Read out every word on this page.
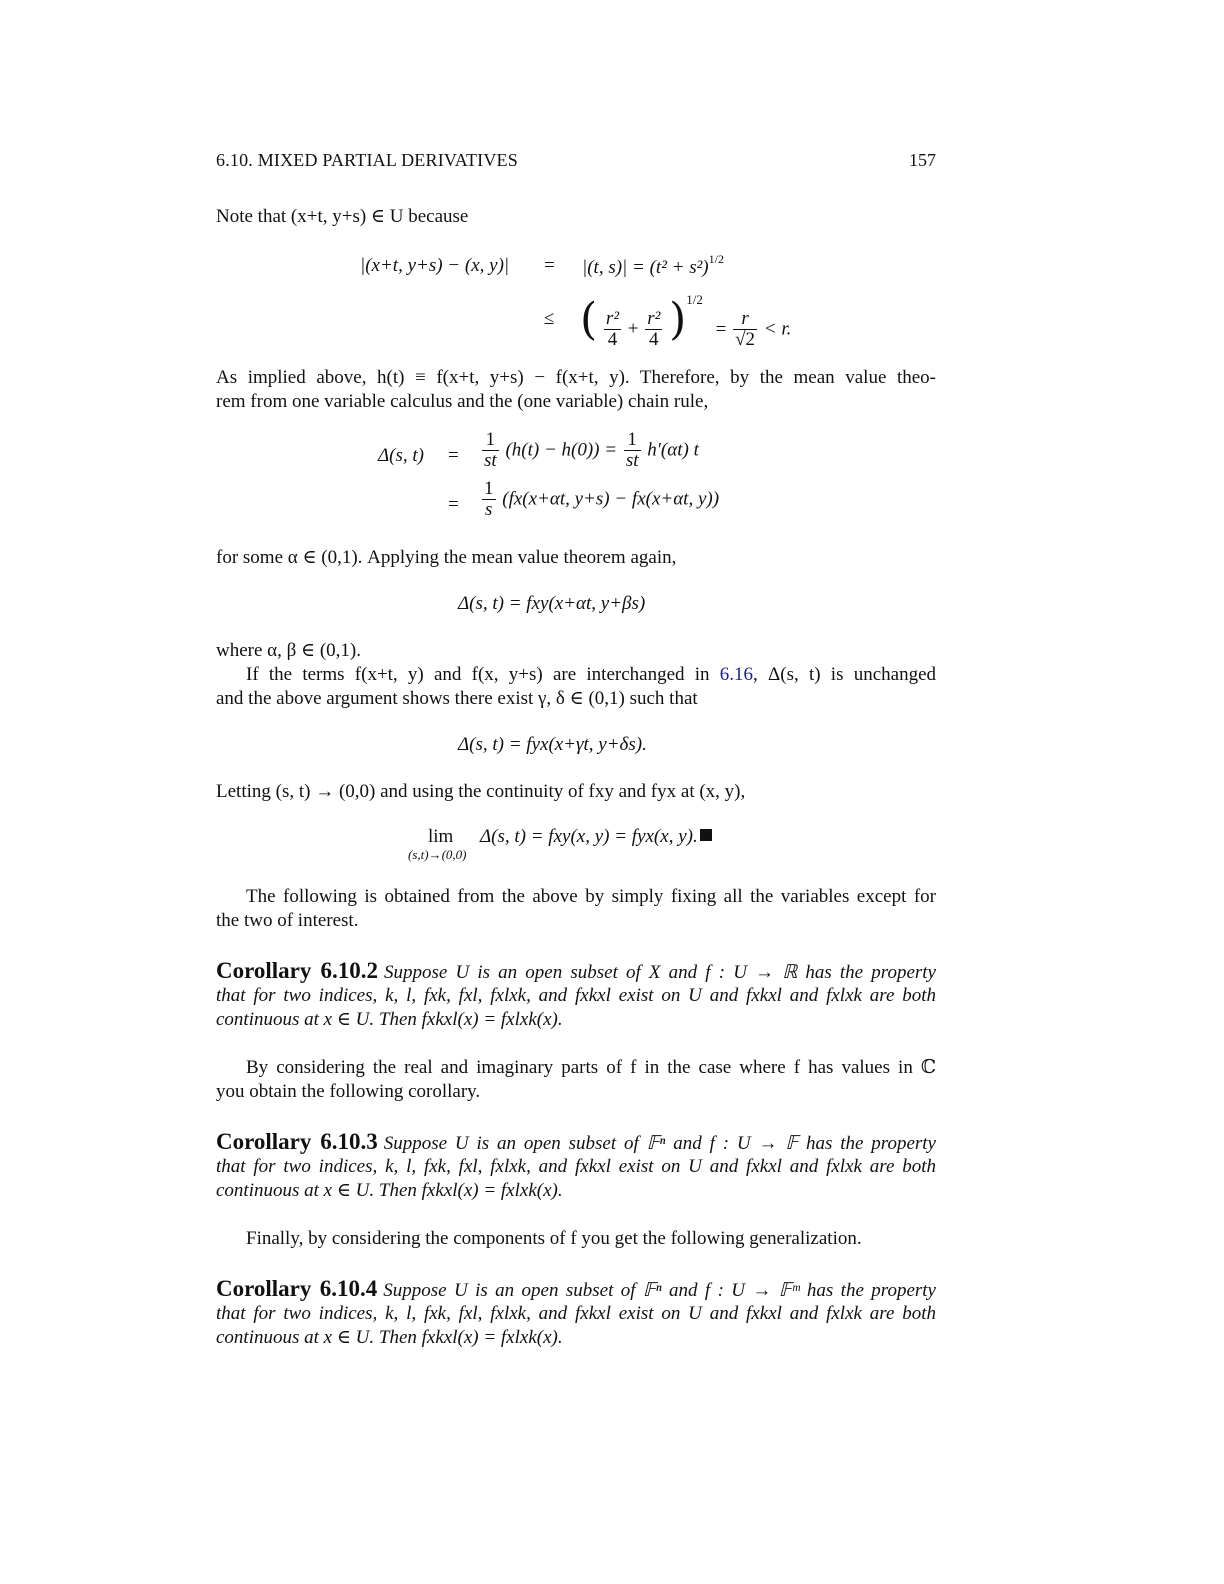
6.10. MIXED PARTIAL DERIVATIVES	157
Note that (x+t, y+s) ∈ U because
|(x+t, y+s) − (x, y)| = |(t, $s)| = (t^2 + s^2)^{1/2}$
≤ ( $\frac{\text{r²}}{4} + \frac{\text{r²}}{4} )^{1/2} = \frac{r}{√2} < r$.
As implied above, h(t) ≡ f(x+t, y+s) − f(x+t, y). Therefore, by the mean value theo-
rem from one variable calculus and the (one variable) chain rule,
Δ(s, $t) = \frac{1}{st} (h(t) - h(0)) = \frac{1}{st} h'(\alpha t)$ t
= $\frac{1}{s} (fx(x+\alpha t$, y+s) − fx(x+αt, y))
for some α ∈ (0,1). Applying the mean value theorem again,
Δ(s, t) = fxy(x+αt, y+βs)
where α, β ∈ (0,1).
If the terms f(x+t, y) and f(x, y+s) are interchanged in 6.16, Δ(s, t) is unchanged
and the above argument shows there exist γ, δ ∈ (0,1) such that
Δ(s, t) = fyx(x+γt, y+δs).
Letting (s, t) → (0,0) and using the continuity of fxy and fyx at (x, y),
lim
(s,t)→(0,0)
Δ(s, t) = fxy(x, y) = fyx(x, y).
The following is obtained from the above by simply fixing all the variables except for
the two of interest.
Corollary 6.10.2 Suppose U is an open subset of X and f : U → ℝ has the property
that for two indices, k, l, fxk, fxl, fxlxk, and fxkxl exist on U and fxkxl and fxlxk are both
continuous at x ∈ U. Then fxkxl(x) = fxlxk(x).
By considering the real and imaginary parts of f in the case where f has values in ℂ
you obtain the following corollary.
Corollary 6.10.3 Suppose U is an open subset of 𝔽ⁿ and f : U → 𝔽 has the property
that for two indices, k, l, fxk, fxl, fxlxk, and fxkxl exist on U and fxkxl and fxlxk are both
continuous at x ∈ U. Then fxkxl(x) = fxlxk(x).
Finally, by considering the components of f you get the following generalization.
Corollary 6.10.4 Suppose U is an open subset of 𝔽ⁿ and f : U → 𝔽ᵐ has the property
that for two indices, k, l, fxk, fxl, fxlxk, and fxkxl exist on U and fxkxl and fxlxk are both
continuous at x ∈ U. Then fxkxl(x) = fxlxk(x).
